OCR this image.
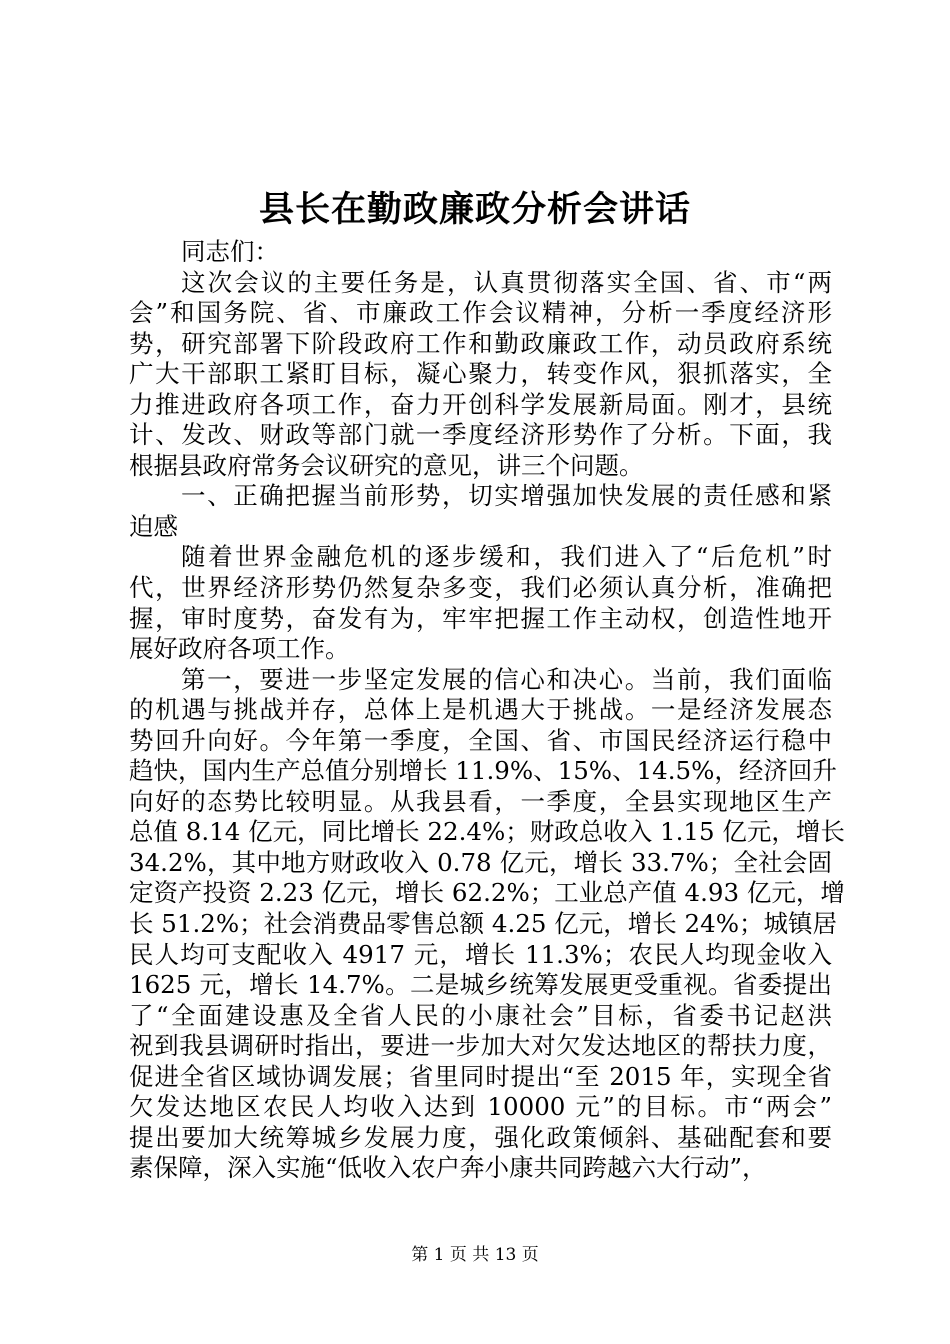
县长在勤政廉政分析会讲话
同志们：
这次会议的主要任务是，认真贯彻落实全国、省、市“两
会”和国务院、省、市廉政工作会议精神，分析一季度经济形
势，研究部署下阶段政府工作和勤政廉政工作，动员政府系统
广大干部职工紧盯目标，凝心聚力，转变作风，狠抓落实，全
力推进政府各项工作，奋力开创科学发展新局面。刚才，县统
计、发改、财政等部门就一季度经济形势作了分析。下面，我
根据县政府常务会议研究的意见，讲三个问题。
一、正确把握当前形势，切实增强加快发展的责任感和紧
迫感
随着世界金融危机的逐步缓和，我们进入了“后危机”时
代，世界经济形势仍然复杂多变，我们必须认真分析，准确把
握，审时度势，奋发有为，牢牢把握工作主动权，创造性地开
展好政府各项工作。
第一，要进一步坚定发展的信心和决心。当前，我们面临
的机遇与挑战并存，总体上是机遇大于挑战。一是经济发展态
势回升向好。今年第一季度，全国、省、市国民经济运行稳中
趋快，国内生产总值分别增长 11.9%、15%、14.5%，经济回升
向好的态势比较明显。从我县看，一季度，全县实现地区生产
总值 8.14 亿元，同比增长 22.4%；财政总收入 1.15 亿元，增长
34.2%，其中地方财政收入 0.78 亿元，增长 33.7%；全社会固
定资产投资 2.23 亿元，增长 62.2%；工业总产值 4.93 亿元，增
长 51.2%；社会消费品零售总额 4.25 亿元，增长 24%；城镇居
民人均可支配收入 4917 元，增长 11.3%；农民人均现金收入
1625 元，增长 14.7%。二是城乡统筹发展更受重视。省委提出
了“全面建设惠及全省人民的小康社会”目标，省委书记赵洪
祝到我县调研时指出，要进一步加大对欠发达地区的帮扶力度，
促进全省区域协调发展；省里同时提出“至 2015 年，实现全省
欠发达地区农民人均收入达到 10000 元”的目标。市“两会”
提出要加大统筹城乡发展力度，强化政策倾斜、基础配套和要
素保障，深入实施“低收入农户奔小康共同跨越六大行动”，
第 1 页 共 13 页
